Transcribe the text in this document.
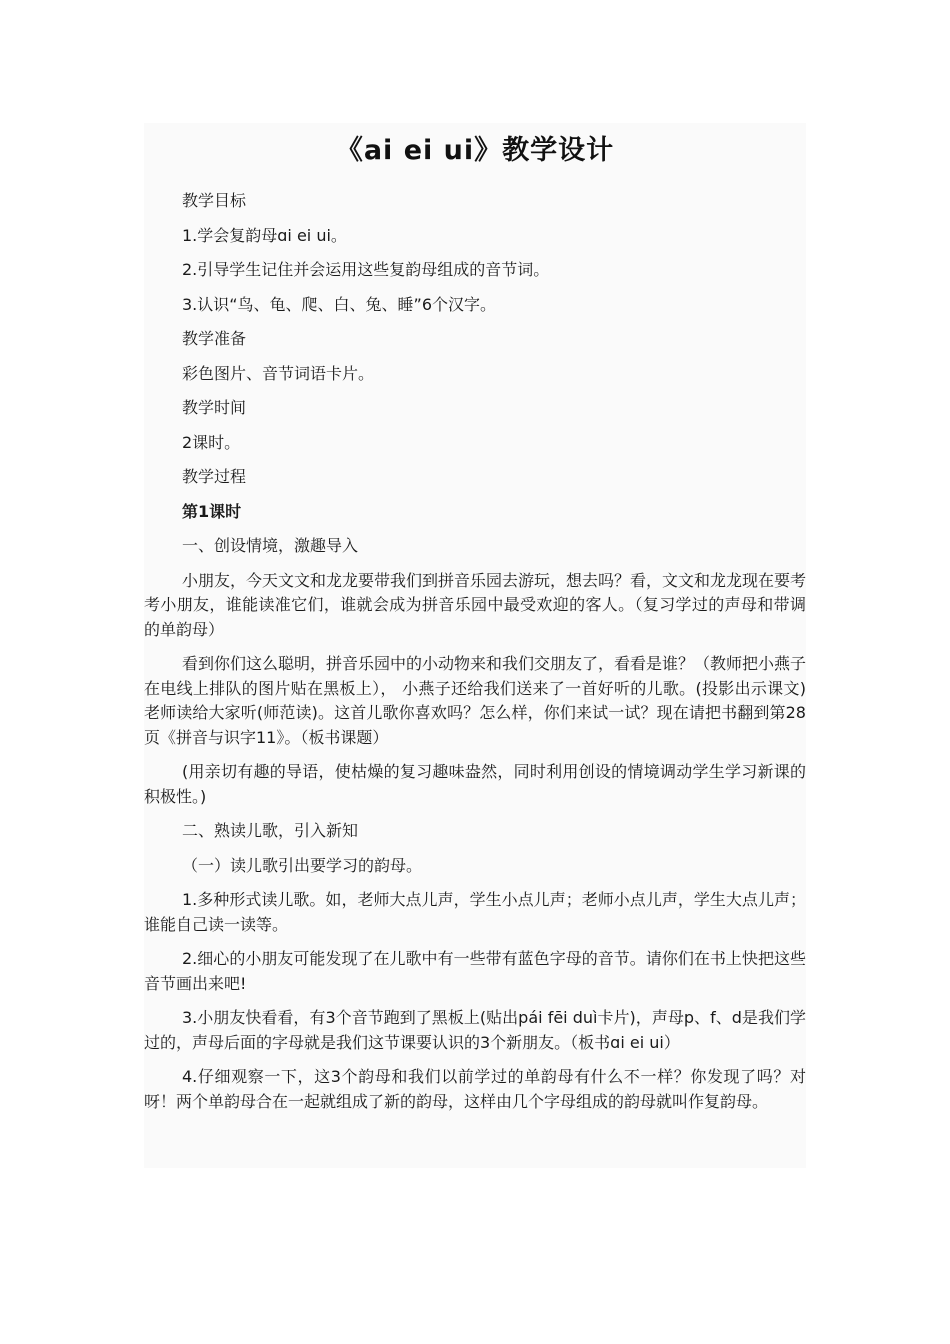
《ai ei ui》教学设计

教学目标

1.学会复韵母ɑi ei ui。

2.引导学生记住并会运用这些复韵母组成的音节词。

3.认识“鸟、龟、爬、白、兔、睡”6个汉字。

教学准备

彩色图片、音节词语卡片。

教学时间

2课时。

教学过程

第1课时

一、创设情境，激趣导入

小朋友，今天文文和龙龙要带我们到拼音乐园去游玩，想去吗？看，文文和龙龙现在要考考小朋友，谁能读准它们，谁就会成为拼音乐园中最受欢迎的客人。（复习学过的声母和带调的单韵母）

看到你们这么聪明，拼音乐园中的小动物来和我们交朋友了，看看是谁？（教师把小燕子在电线上排队的图片贴在黑板上）， 小燕子还给我们送来了一首好听的儿歌。(投影出示课文)老师读给大家听(师范读)。这首儿歌你喜欢吗？怎么样，你们来试一试？现在请把书翻到第28页《拼音与识字11》。（板书课题）

(用亲切有趣的导语，使枯燥的复习趣味盎然，同时利用创设的情境调动学生学习新课的积极性。)

二、熟读儿歌，引入新知

（一）读儿歌引出要学习的韵母。

1.多种形式读儿歌。如，老师大点儿声，学生小点儿声；老师小点儿声，学生大点儿声；谁能自己读一读等。

2.细心的小朋友可能发现了在儿歌中有一些带有蓝色字母的音节。请你们在书上快把这些音节画出来吧!

3.小朋友快看看，有3个音节跑到了黑板上(贴出pái fēi duì卡片)，声母p、f、d是我们学过的，声母后面的字母就是我们这节课要认识的3个新朋友。（板书ɑi ei ui）

4.仔细观察一下，这3个韵母和我们以前学过的单韵母有什么不一样？你发现了吗？对呀！两个单韵母合在一起就组成了新的韵母，这样由几个字母组成的韵母就叫作复韵母。
